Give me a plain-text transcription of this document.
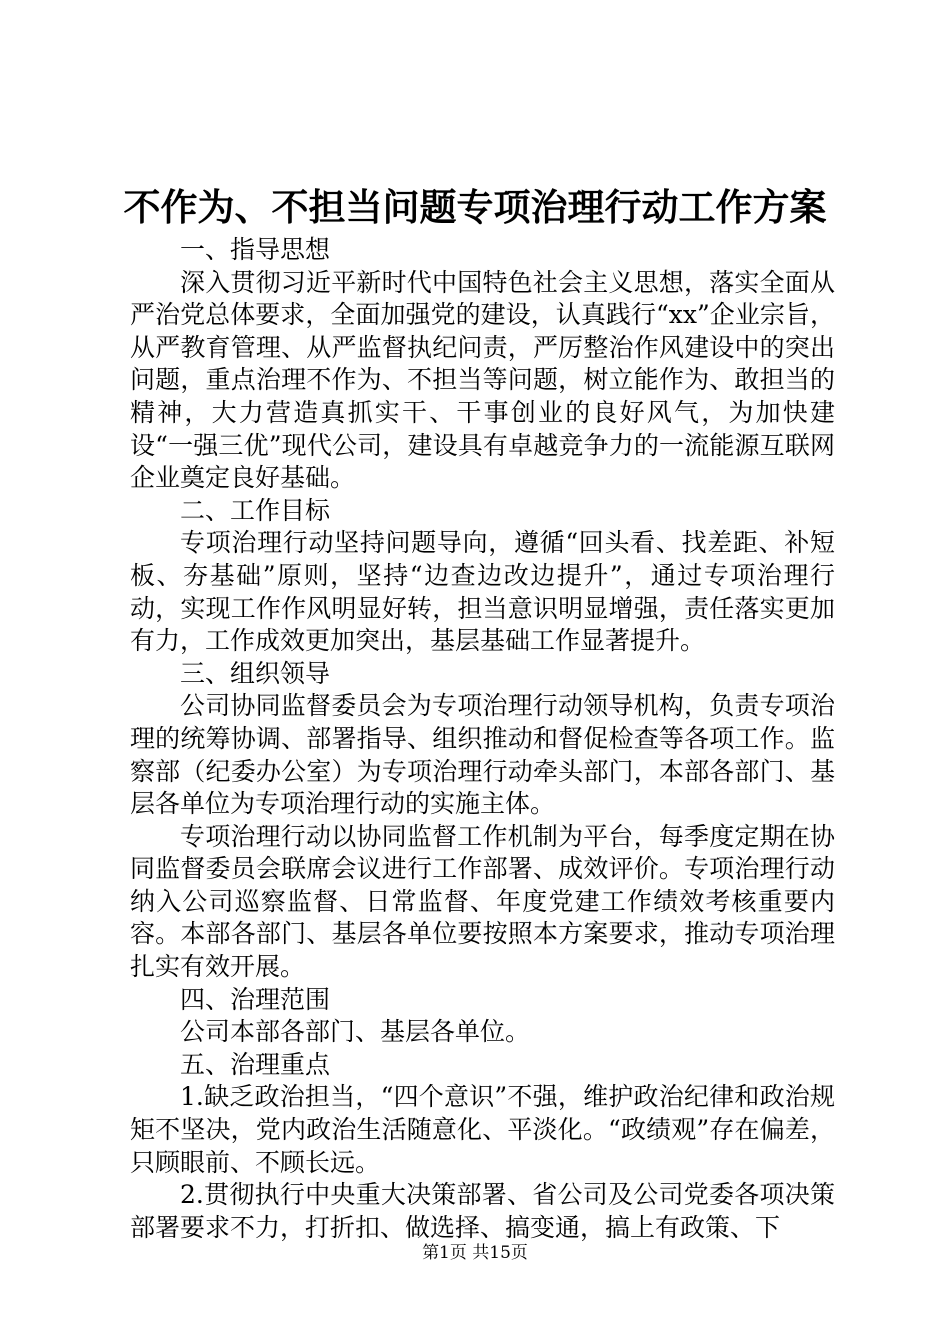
不作为、不担当问题专项治理行动工作方案

一、指导思想

深入贯彻习近平新时代中国特色社会主义思想，落实全面从严治党总体要求，全面加强党的建设，认真践行“xx”企业宗旨，从严教育管理、从严监督执纪问责，严厉整治作风建设中的突出问题，重点治理不作为、不担当等问题，树立能作为、敢担当的精神，大力营造真抓实干、干事创业的良好风气，为加快建设“一强三优”现代公司，建设具有卓越竞争力的一流能源互联网企业奠定良好基础。

二、工作目标

专项治理行动坚持问题导向，遵循“回头看、找差距、补短板、夯基础”原则，坚持“边查边改边提升”，通过专项治理行动，实现工作作风明显好转，担当意识明显增强，责任落实更加有力，工作成效更加突出，基层基础工作显著提升。

三、组织领导

公司协同监督委员会为专项治理行动领导机构，负责专项治理的统筹协调、部署指导、组织推动和督促检查等各项工作。监察部（纪委办公室）为专项治理行动牵头部门，本部各部门、基层各单位为专项治理行动的实施主体。

专项治理行动以协同监督工作机制为平台，每季度定期在协同监督委员会联席会议进行工作部署、成效评价。专项治理行动纳入公司巡察监督、日常监督、年度党建工作绩效考核重要内容。本部各部门、基层各单位要按照本方案要求，推动专项治理扎实有效开展。

四、治理范围

公司本部各部门、基层各单位。

五、治理重点

1.缺乏政治担当，“四个意识”不强，维护政治纪律和政治规矩不坚决，党内政治生活随意化、平淡化。“政绩观”存在偏差，只顾眼前、不顾长远。

2.贯彻执行中央重大决策部署、省公司及公司党委各项决策部署要求不力，打折扣、做选择、搞变通，搞上有政策、下

第1页 共15页
